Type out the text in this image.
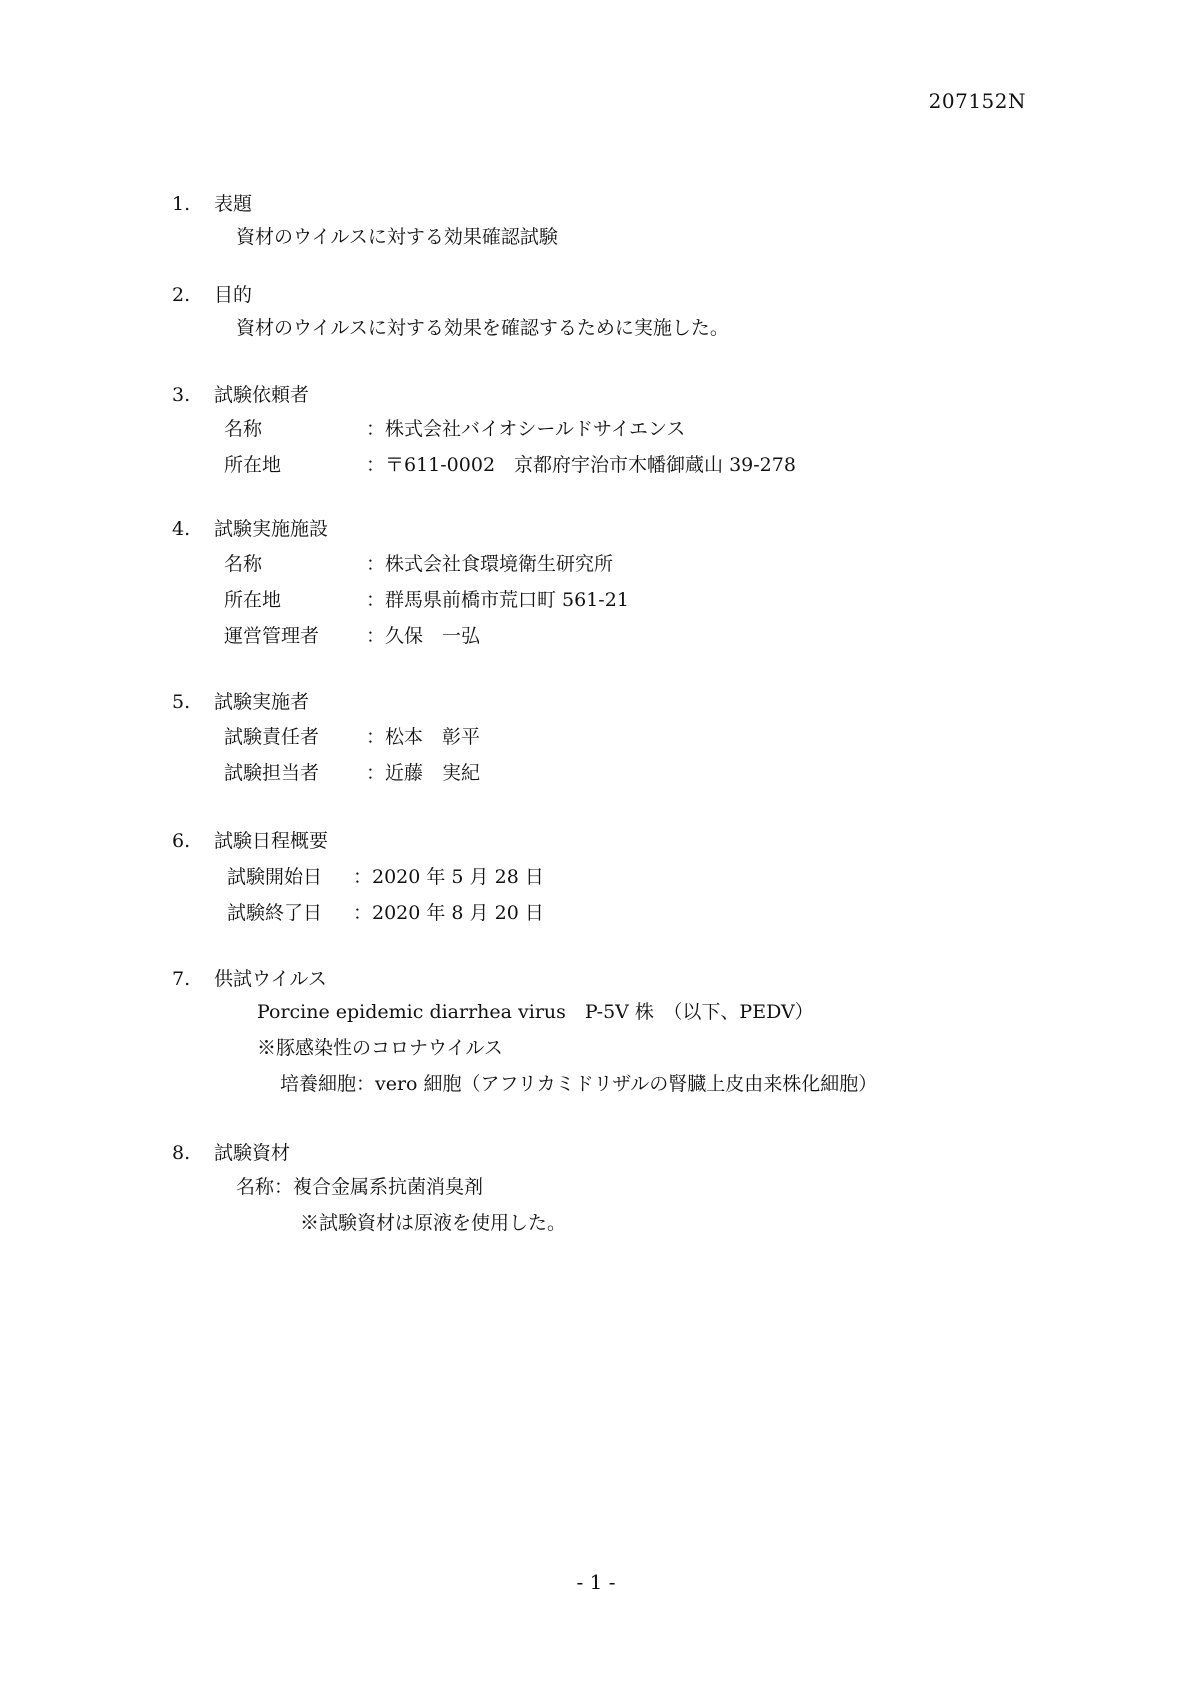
207152N
1.	表題
資材のウイルスに対する効果確認試験
2.	目的
資材のウイルスに対する効果を確認するために実施した。
3.	試験依頼者
名称	：株式会社バイオシールドサイエンス
所在地	：〒611-0002　京都府宇治市木幡御蔵山 39-278
4.	試験実施施設
名称	：株式会社食環境衛生研究所
所在地	：群馬県前橋市荒口町 561-21
運営管理者 ：久保　一弘
5.	試験実施者
試験責任者 ：松本　彰平
試験担当者 ：近藤　実紀
6.	試験日程概要
試験開始日 ：2020 年 5 月 28 日
試験終了日 ：2020 年 8 月 20 日
7.	供試ウイルス
Porcine epidemic diarrhea virus　P-5V 株　（以下、PEDV）
※豚感染性のコロナウイルス
培養細胞：vero 細胞（アフリカミドリザルの腎臓上皮由来株化細胞）
8.	試験資材
名称：複合金属系抗菌消臭剤
※試験資材は原液を使用した。
- 1 -
